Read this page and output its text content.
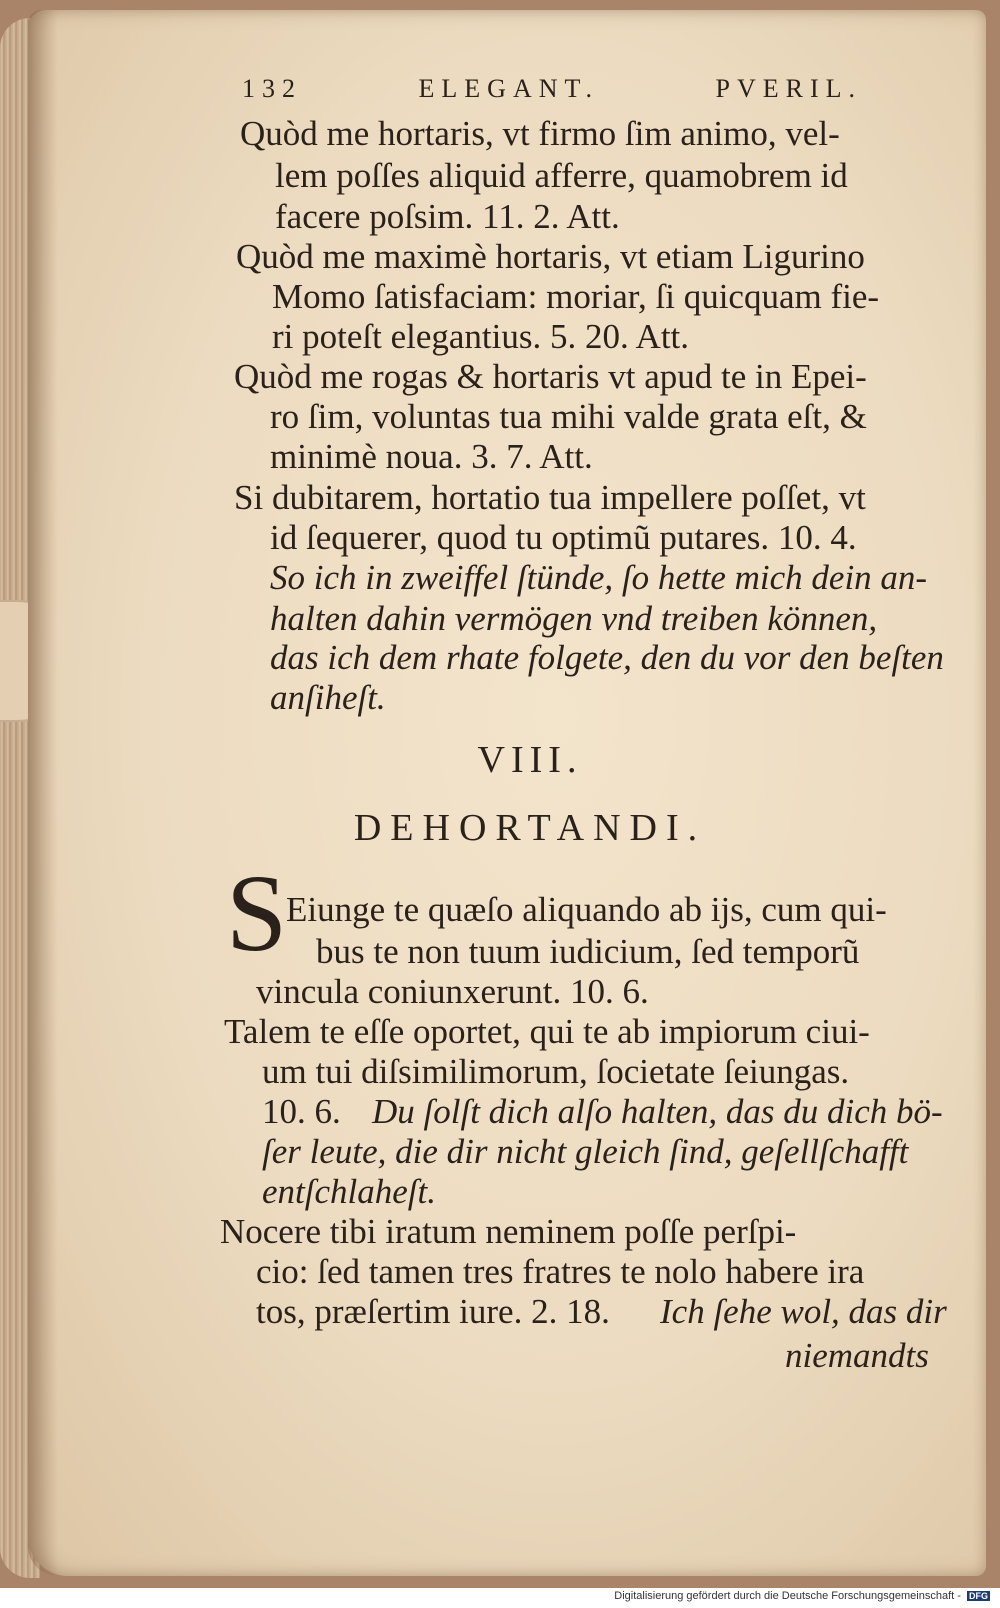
132	ELEGANT.	PVERIL.
Quòd me hortaris, vt firmo ſim animo, vel-
lem poſſes aliquid afferre, quamobrem id
facere poſsim. 11. 2. Att.
Quòd me maximè hortaris, vt etiam Ligurino
Momo ſatisfaciam: moriar, ſi quicquam fie-
ri poteſt elegantius. 5. 20. Att.
Quòd me rogas & hortaris vt apud te in Epei-
ro ſim, voluntas tua mihi valde grata eſt, &
minimè noua. 3. 7. Att.
Si dubitarem, hortatio tua impellere poſſet, vt
id ſequerer, quod tu optimũ putares. 10. 4.
So ich in zweiffel ſtünde, ſo hette mich dein an-
halten dahin vermögen vnd treiben können,
das ich dem rhate folgete, den du vor den beſten
anſiheſt.
VIII.
DEHORTANDI.
S
Eiunge te quæſo aliquando ab ijs, cum qui-
bus te non tuum iudicium, ſed temporũ
vincula coniunxerunt. 10. 6.
Talem te eſſe oportet, qui te ab impiorum ciui-
um tui diſsimilimorum, ſocietate ſeiungas.
10. 6. Du ſolſt dich alſo halten, das du dich bö-
ſer leute, die dir nicht gleich ſind, geſellſchafft
entſchlaheſt.
Nocere tibi iratum neminem poſſe perſpi-
cio: ſed tamen tres fratres te nolo habere ira
tos, præſertim iure. 2. 18. Ich ſehe wol, das dir
niemandts
Digitalisierung gefördert durch die Deutsche Forschungsgemeinschaft - DFG
